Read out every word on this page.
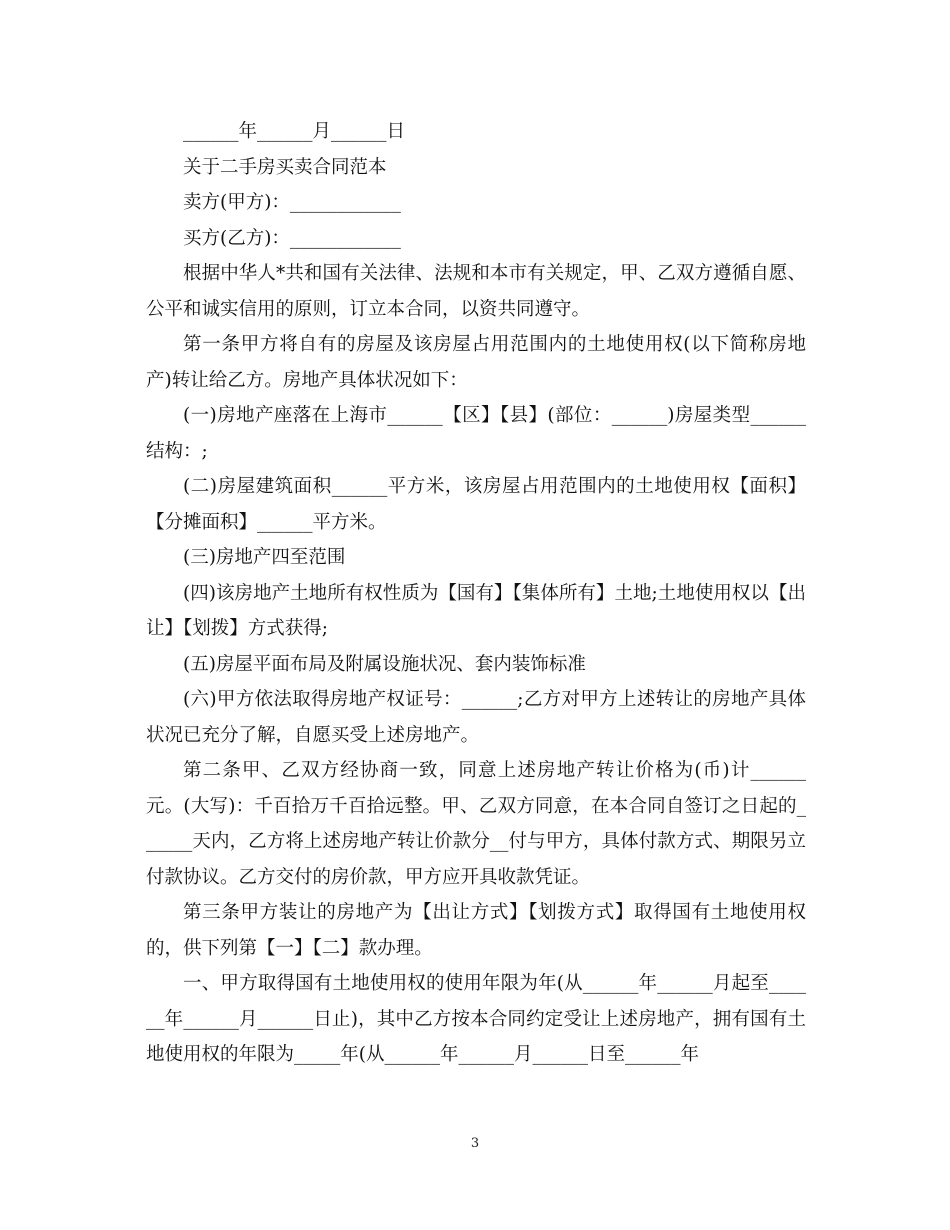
______年______月______日

关于二手房买卖合同范本

卖方(甲方)：____________

买方(乙方)：____________

根据中华人*共和国有关法律、法规和本市有关规定，甲、乙双方遵循自愿、公平和诚实信用的原则，订立本合同，以资共同遵守。

第一条甲方将自有的房屋及该房屋占用范围内的土地使用权(以下简称房地产)转让给乙方。房地产具体状况如下：

(一)房地产座落在上海市______【区】【县】(部位：______)房屋类型______结构：;

(二)房屋建筑面积______平方米，该房屋占用范围内的土地使用权【面积】【分摊面积】______平方米。

(三)房地产四至范围

(四)该房地产土地所有权性质为【国有】【集体所有】土地;土地使用权以【出让】【划拨】方式获得;

(五)房屋平面布局及附属设施状况、套内装饰标准

(六)甲方依法取得房地产权证号：______;乙方对甲方上述转让的房地产具体状况已充分了解，自愿买受上述房地产。

第二条甲、乙双方经协商一致，同意上述房地产转让价格为(币)计______元。(大写)：千百拾万千百拾远整。甲、乙双方同意，在本合同自签订之日起的______天内，乙方将上述房地产转让价款分__付与甲方，具体付款方式、期限另立付款协议。乙方交付的房价款，甲方应开具收款凭证。

第三条甲方装让的房地产为【出让方式】【划拨方式】取得国有土地使用权的，供下列第【一】【二】款办理。

一、甲方取得国有土地使用权的使用年限为年(从______年______月起至______年______月______日止)，其中乙方按本合同约定受让上述房地产，拥有国有土地使用权的年限为_____年(从______年______月______日至______年

3
